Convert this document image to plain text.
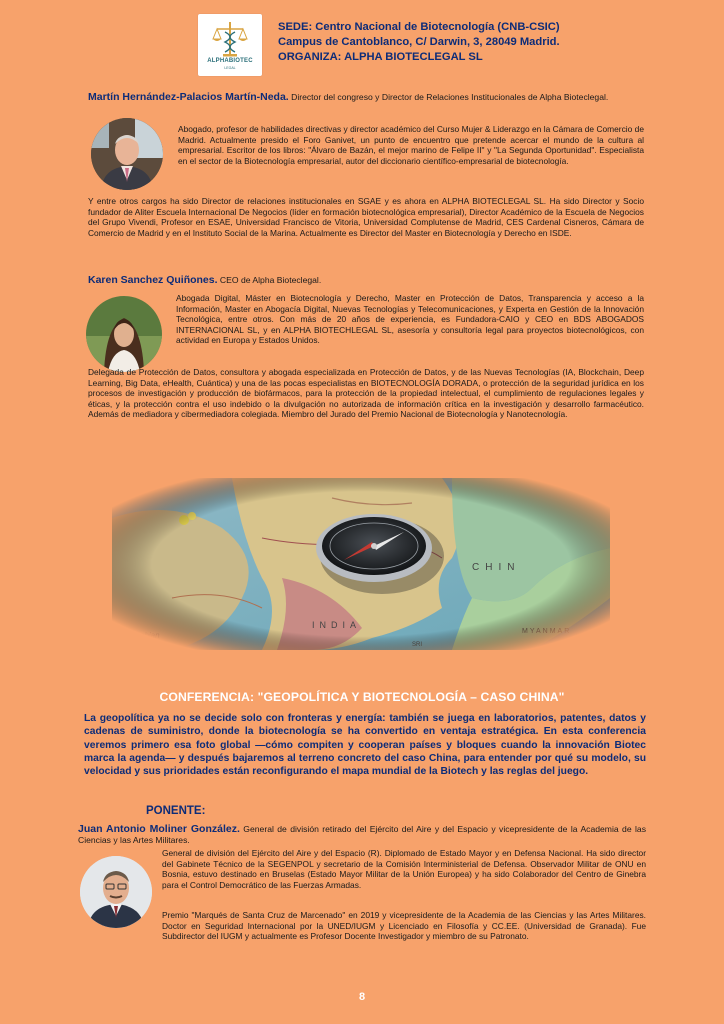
ALPHABIOTEC
LEGAL
SEDE: Centro Nacional de Biotecnología (CNB-CSIC)
Campus de Cantoblanco, C/ Darwin, 3, 28049 Madrid.
ORGANIZA: ALPHA BIOTECLEGAL SL
Martín Hernández-Palacios Martín-Neda. Director del congreso y Director de Relaciones Institucionales de Alpha Bioteclegal.
Abogado, profesor de habilidades directivas y director académico del Curso Mujer & Liderazgo en la Cámara de Comercio de Madrid. Actualmente presido el Foro Ganivet, un punto de encuentro que pretende acercar el mundo de la cultura al empresarial. Escritor de los libros: "Álvaro de Bazán, el mejor marino de Felipe II" y "La Segunda Oportunidad". Especialista en el sector de la Biotecnología empresarial, autor del diccionario científico-empresarial de biotecnología.
Y entre otros cargos ha sido Director de relaciones institucionales en SGAE y es ahora en ALPHA BIOTECLEGAL SL. Ha sido Director y Socio fundador de Aliter Escuela Internacional De Negocios (líder en formación biotecnológica empresarial), Director Académico de la Escuela de Negocios del Grupo Vivendi, Profesor en ESAE, Universidad Francisco de Vitoria, Universidad Complutense de Madrid, CES Cardenal Cisneros, Cámara de Comercio de Madrid y en el Instituto Social de la Marina. Actualmente es Director del Master en Biotecnología y Derecho en ISDE.
Karen Sanchez Quiñones. CEO de Alpha Bioteclegal.
Abogada Digital, Máster en Biotecnología y Derecho, Master en Protección de Datos, Transparencia y acceso a la Información, Master en Abogacía Digital, Nuevas Tecnologías y Telecomunicaciones, y Experta en Gestión de la Innovación Tecnológica, entre otros. Con más de 20 años de experiencia, es Fundadora-CAIO y CEO en BDS ABOGADOS INTERNACIONAL SL, y en ALPHA BIOTECHLEGAL SL, asesoría y consultoría legal para proyectos biotecnológicos, con actividad en Europa y Estados Unidos.
Delegada de Protección de Datos, consultora y abogada especializada en Protección de Datos, y de las Nuevas Tecnologías (IA, Blockchain, Deep Learning, Big Data, eHealth, Cuántica) y una de las pocas especialistas en BIOTECNOLOGÍA DORADA, o protección de la seguridad jurídica en los procesos de investigación y producción de biofármacos, para la protección de la propiedad intelectual, el cumplimiento de regulaciones legales y éticas, y la protección contra el uso indebido o la divulgación no autorizada de información crítica en la investigación y desarrollo farmacéutico. Además de mediadora y cibermediadora colegiada. Miembro del Jurado del Premio Nacional de Biotecnología y Nanotecnología.
CONFERENCIA: "GEOPOLÍTICA Y BIOTECNOLOGÍA – CASO CHINA"
La geopolítica ya no se decide solo con fronteras y energía: también se juega en laboratorios, patentes, datos y cadenas de suministro, donde la biotecnología se ha convertido en ventaja estratégica. En esta conferencia veremos primero esa foto global —cómo compiten y cooperan países y bloques cuando la innovación Biotec marca la agenda— y después bajaremos al terreno concreto del caso China, para entender por qué su modelo, su velocidad y sus prioridades están reconfigurando el mapa mundial de la Biotech y las reglas del juego.
PONENTE:
Juan Antonio Moliner González. General de división retirado del Ejército del Aire y del Espacio y vicepresidente de la Academia de las Ciencias y las Artes Militares.
General de división del Ejército del Aire y del Espacio (R). Diplomado de Estado Mayor y en Defensa Nacional. Ha sido director del Gabinete Técnico de la SEGENPOL y secretario de la Comisión Interministerial de Defensa. Observador Militar de ONU en Bosnia, estuvo destinado en Bruselas (Estado Mayor Militar de la Unión Europea) y ha sido Colaborador del Centro de Ginebra para el Control Democrático de las Fuerzas Armadas.
Premio "Marqués de Santa Cruz de Marcenado" en 2019 y vicepresidente de la Academia de las Ciencias y las Artes Militares. Doctor en Seguridad Internacional por la UNED/IUGM y Licenciado en Filosofía y CC.EE. (Universidad de Granada). Fue Subdirector del IUGM y actualmente es Profesor Docente Investigador y miembro de su Patronato.
8
